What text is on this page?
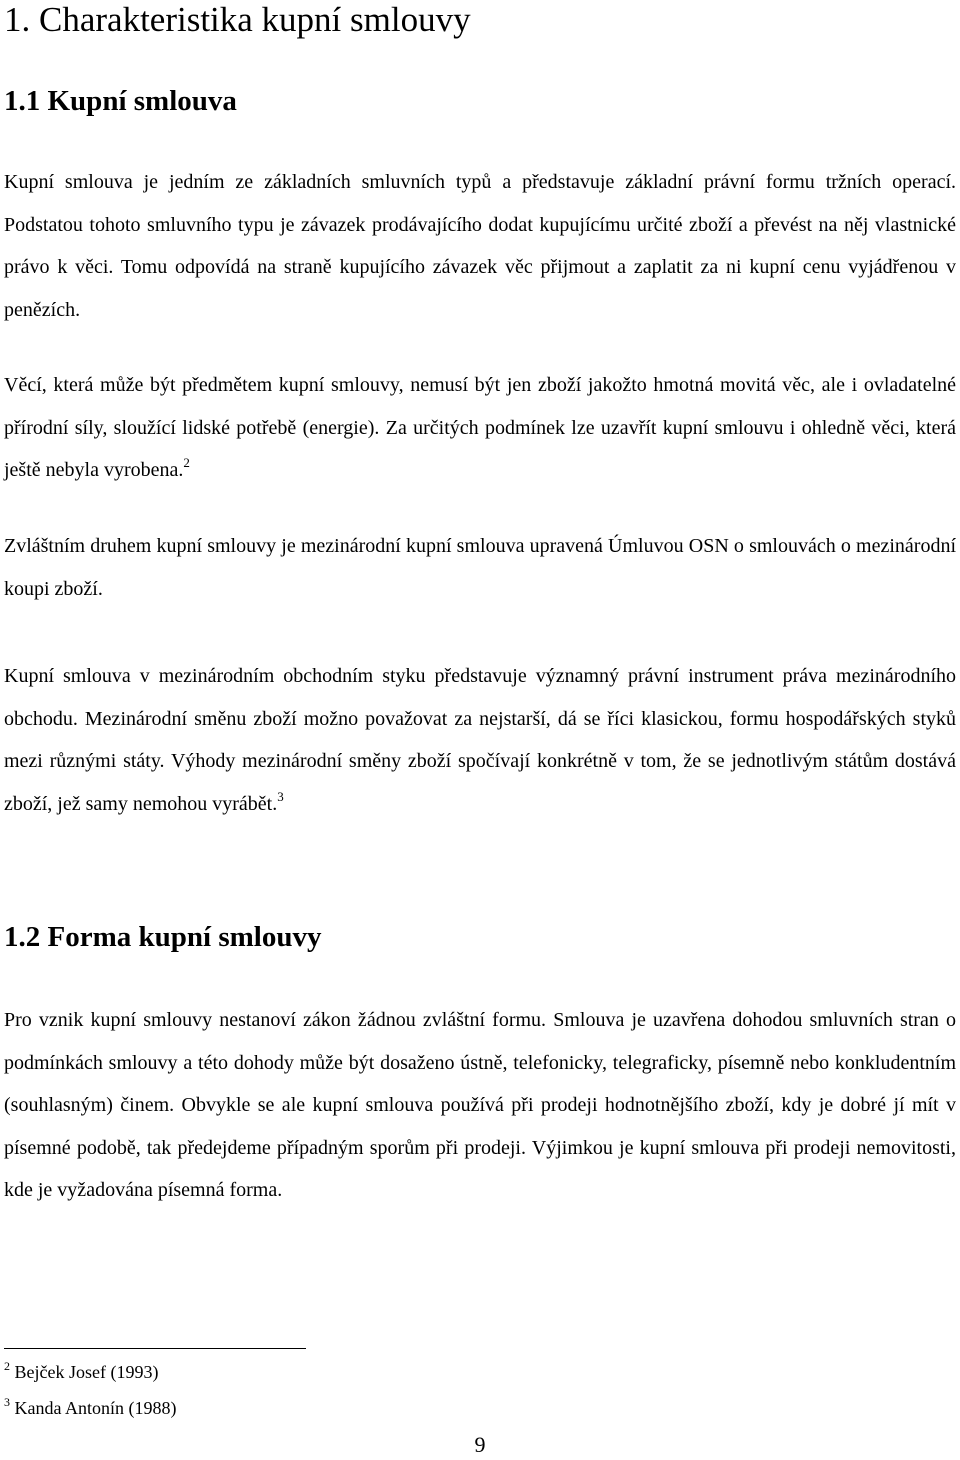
1. Charakteristika kupní smlouvy
1.1 Kupní smlouva

Kupní smlouva je jedním ze základních smluvních typů a představuje základní právní formu tržních operací. Podstatou tohoto smluvního typu je závazek prodávajícího dodat kupujícímu určité zboží a převést na něj vlastnické právo k věci. Tomu odpovídá na straně kupujícího závazek věc přijmout a zaplatit za ni kupní cenu vyjádřenou v penězích.

Věcí, která může být předmětem kupní smlouvy, nemusí být jen zboží jakožto hmotná movitá věc, ale i ovladatelné přírodní síly, sloužící lidské potřebě (energie). Za určitých podmínek lze uzavřít kupní smlouvu i ohledně věci, která ještě nebyla vyrobena.$^2$

Zvláštním druhem kupní smlouvy je mezinárodní kupní smlouva upravená Úmluvou OSN o smlouvách o mezinárodní koupi zboží.

Kupní smlouva v mezinárodním obchodním styku představuje významný právní instrument práva mezinárodního obchodu. Mezinárodní směnu zboží možno považovat za nejstarší, dá se říci klasickou, formu hospodářských styků mezi různými státy. Výhody mezinárodní směny zboží spočívají konkrétně v tom, že se jednotlivým státům dostává zboží, jež samy nemohou vyrábět.$^3$

1.2 Forma kupní smlouvy

Pro vznik kupní smlouvy nestanoví zákon žádnou zvláštní formu. Smlouva je uzavřena dohodou smluvních stran o podmínkách smlouvy a této dohody může být dosaženo ústně, telefonicky, telegraficky, písemně nebo konkludentním (souhlasným) činem. Obvykle se ale kupní smlouva používá při prodeji hodnotnějšího zboží, kdy je dobré jí mít v písemné podobě, tak předejdeme případným sporům při prodeji. Výjimkou je kupní smlouva při prodeji nemovitosti, kde je vyžadována písemná forma.

$^2$ Bejček Josef (1993)
$^3$ Kanda Antonín (1988)
9
